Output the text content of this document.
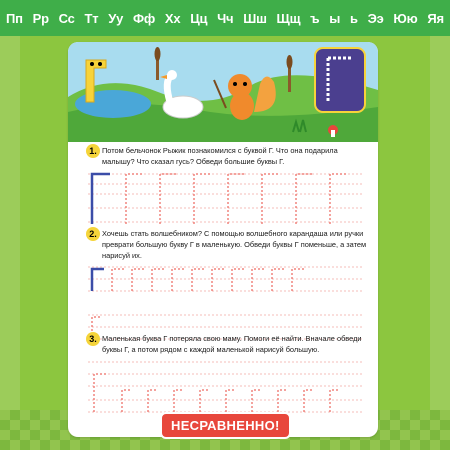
Пп Рр Сс Тт Уу Фф Хх Цц Чч Шш Щщ ъ ы ь Ээ Юю Яя
1. Потом бельчонок Рыжик познакомился с буквой Г. Что она подарила малышу? Что сказал гусь? Обведи большие буквы Г.
2. Хочешь стать волшебником? С помощью волшебного карандаша или ручки преврати большую букву Г в маленькую. Обведи буквы Г поменьше, а затем нарисуй их.
3. Маленькая буква Г потеряла свою маму. Помоги её найти. Вначале обведи буквы Г, а потом рядом с каждой маленькой нарисуй большую.
НЕСРАВНЕННО!
